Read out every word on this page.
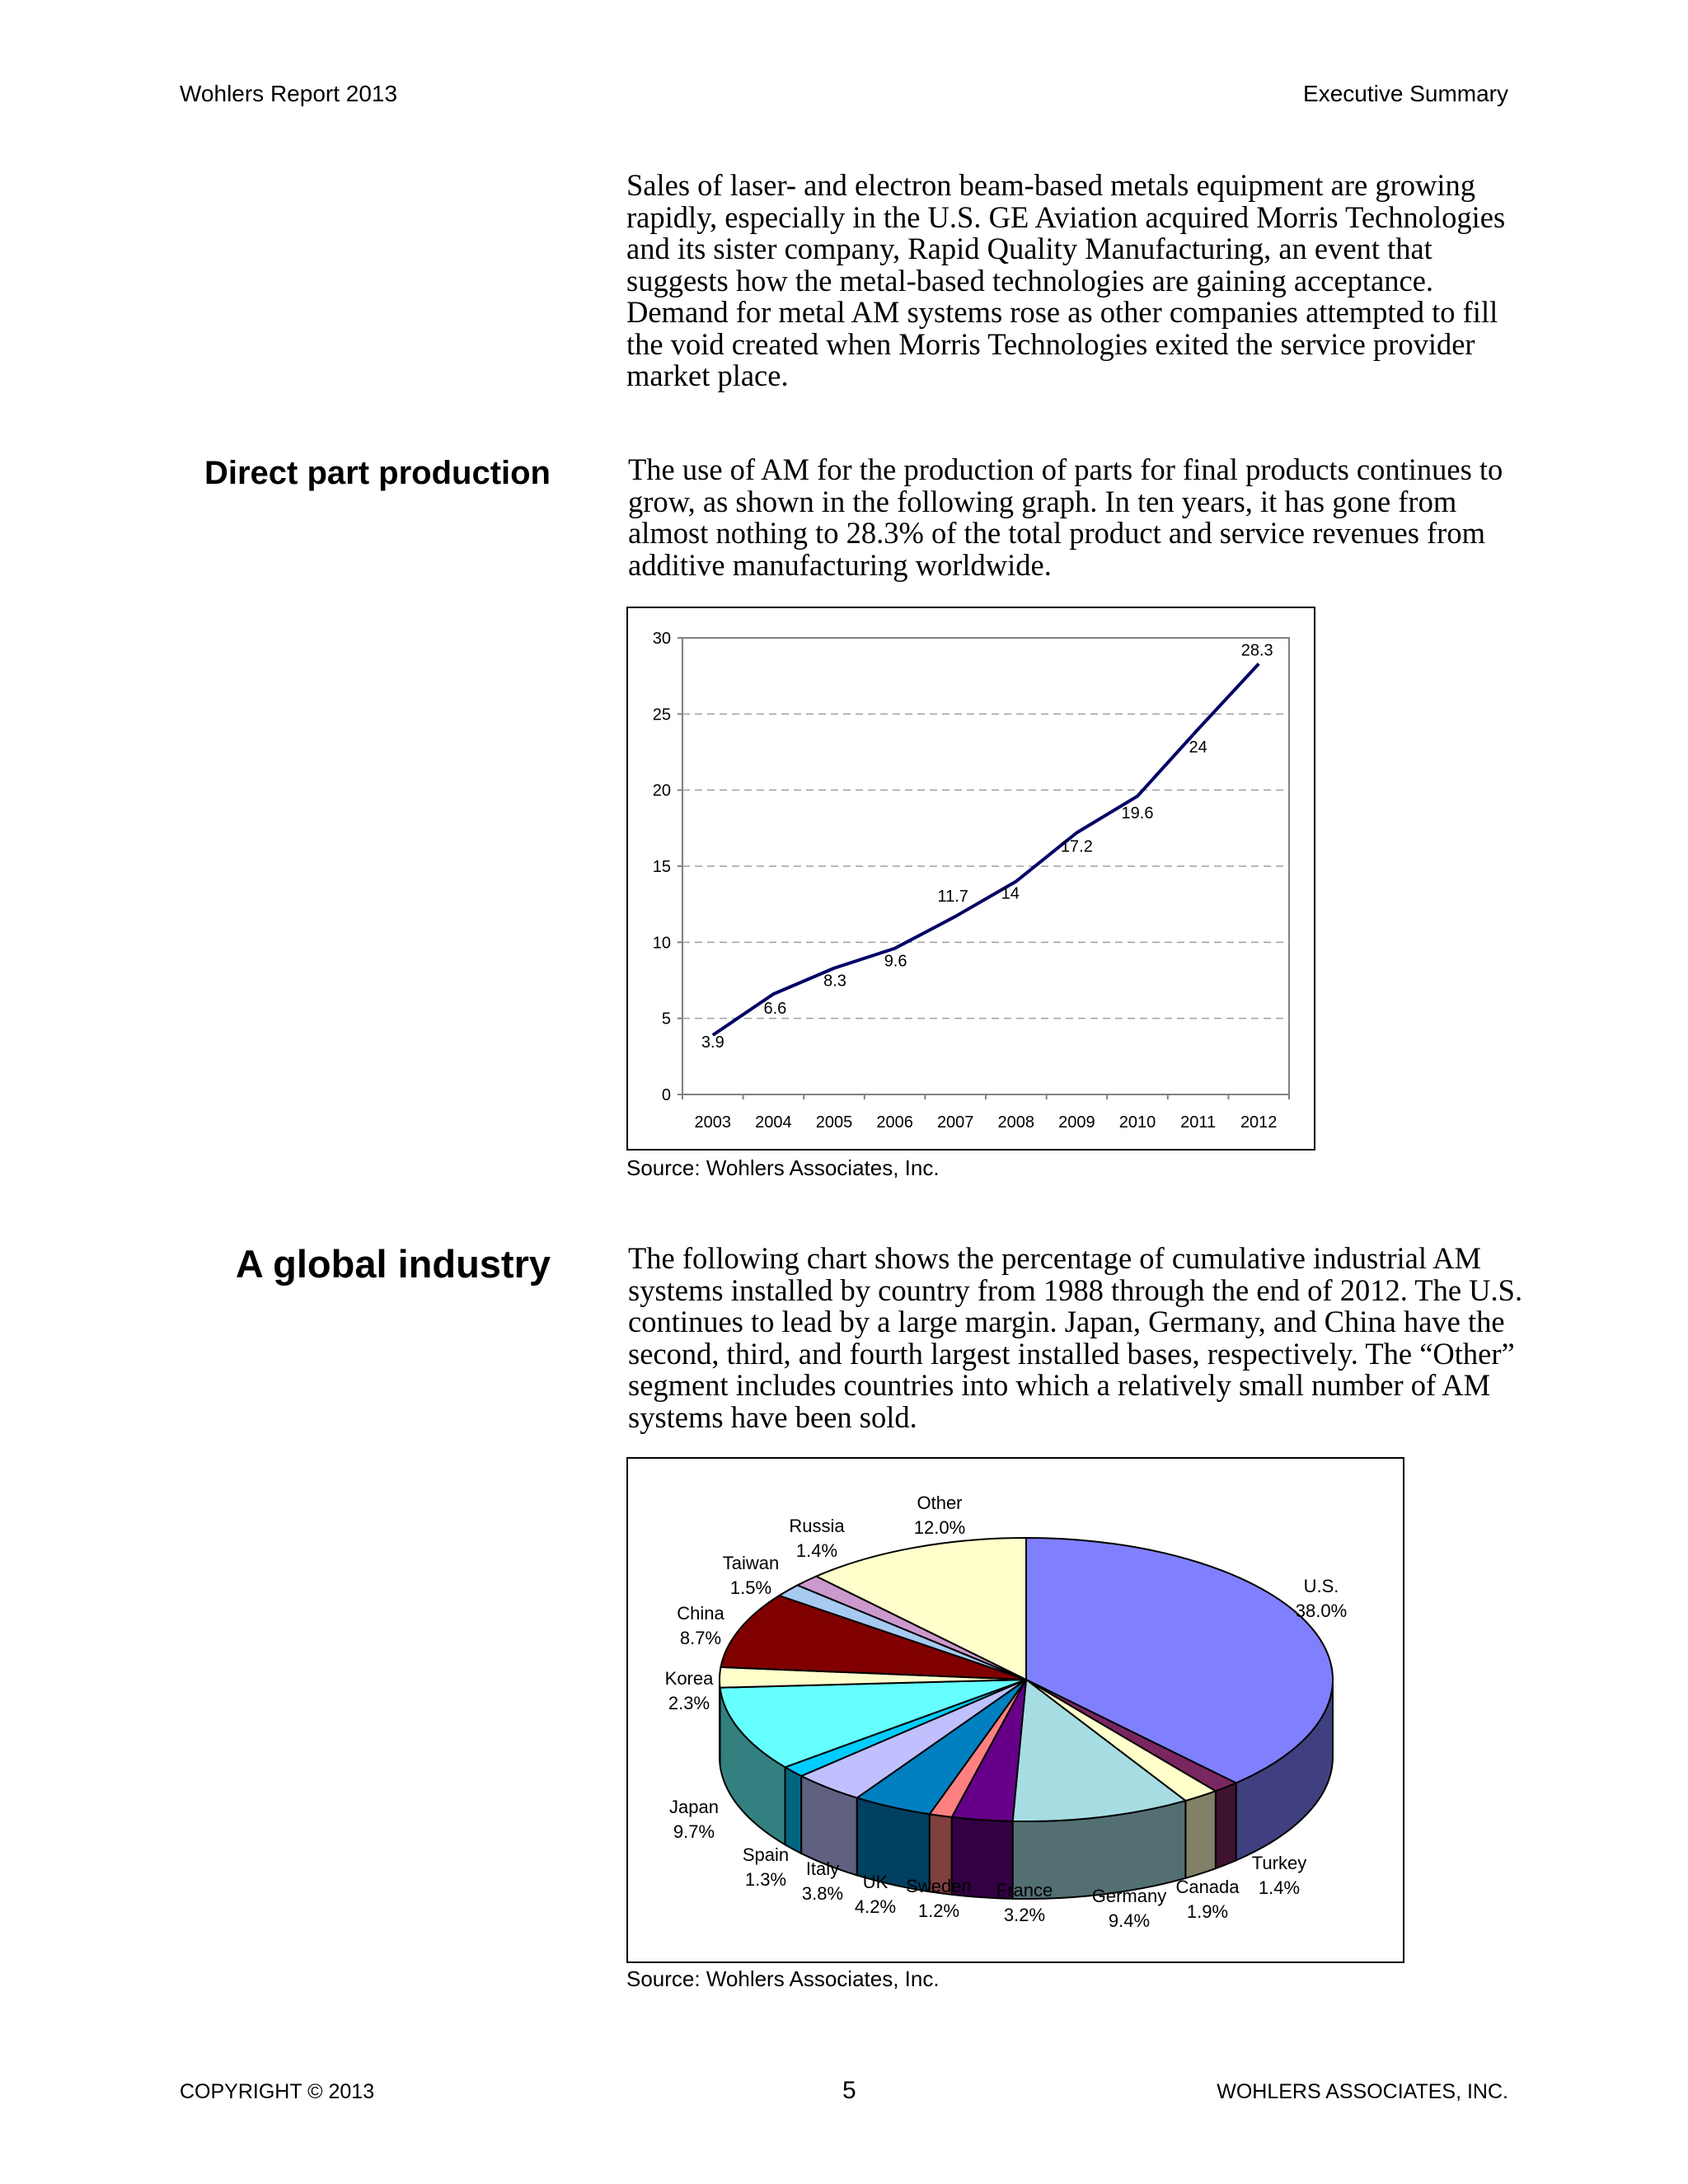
Wohlers Report 2013	Executive Summary
Sales of laser- and electron beam-based metals equipment are growing rapidly, especially in the U.S. GE Aviation acquired Morris Technologies and its sister company, Rapid Quality Manufacturing, an event that suggests how the metal-based technologies are gaining acceptance. Demand for metal AM systems rose as other companies attempted to fill the void created when Morris Technologies exited the service provider market place.
Direct part production	The use of AM for the production of parts for final products continues to grow, as shown in the following graph. In ten years, it has gone from almost nothing to 28.3% of the total product and service revenues from additive manufacturing worldwide.
0
5
10
15
20
25
30
2003 2004 2005 2006 2007 2008 2009 2010 2011 2012
3.9
6.6
8.3
9.6
11.7 14
17.2
19.6
24
28.3
Source: Wohlers Associates, Inc.
A global industry	The following chart shows the percentage of cumulative industrial AM systems installed by country from 1988 through the end of 2012. The U.S. continues to lead by a large margin. Japan, Germany, and China have the second, third, and fourth largest installed bases, respectively. The “Other” segment includes countries into which a relatively small number of AM systems have been sold.
U.S.
38.0%
Turkey
1.4%
Canada
1.9%
Germany
9.4%
France
3.2%
Sweden
1.2%
UK
4.2%
Italy
3.8%
Spain
1.3%
Japan
9.7%
Korea
2.3%
China
8.7%
Taiwan
1.5%
Russia
1.4%
Other
12.0%
Source: Wohlers Associates, Inc.
COPYRIGHT © 2013	5	WOHLERS ASSOCIATES, INC.
